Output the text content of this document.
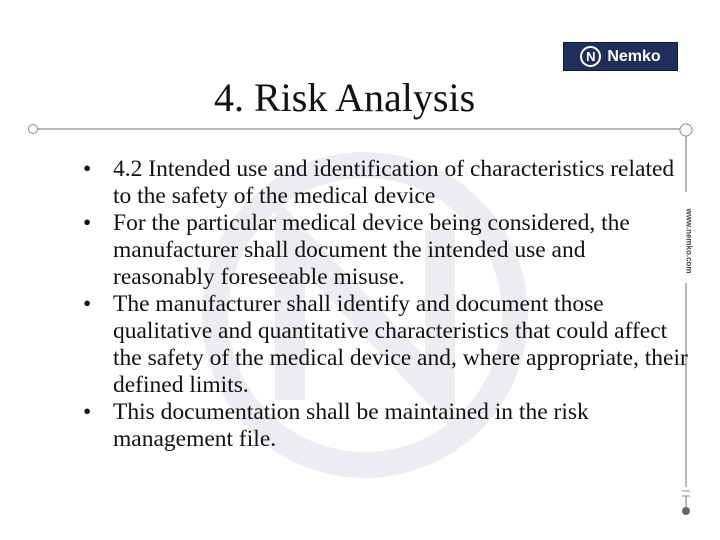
N Nemko
4. Risk Analysis
www.nemko.com
• 4.2 Intended use and identification of characteristics related to the safety of the medical device
• For the particular medical device being considered, the manufacturer shall document the intended use and reasonably foreseeable misuse.
• The manufacturer shall identify and document those qualitative and quantitative characteristics that could affect the safety of the medical device and, where appropriate, their defined limits.
• This documentation shall be maintained in the risk management file.
